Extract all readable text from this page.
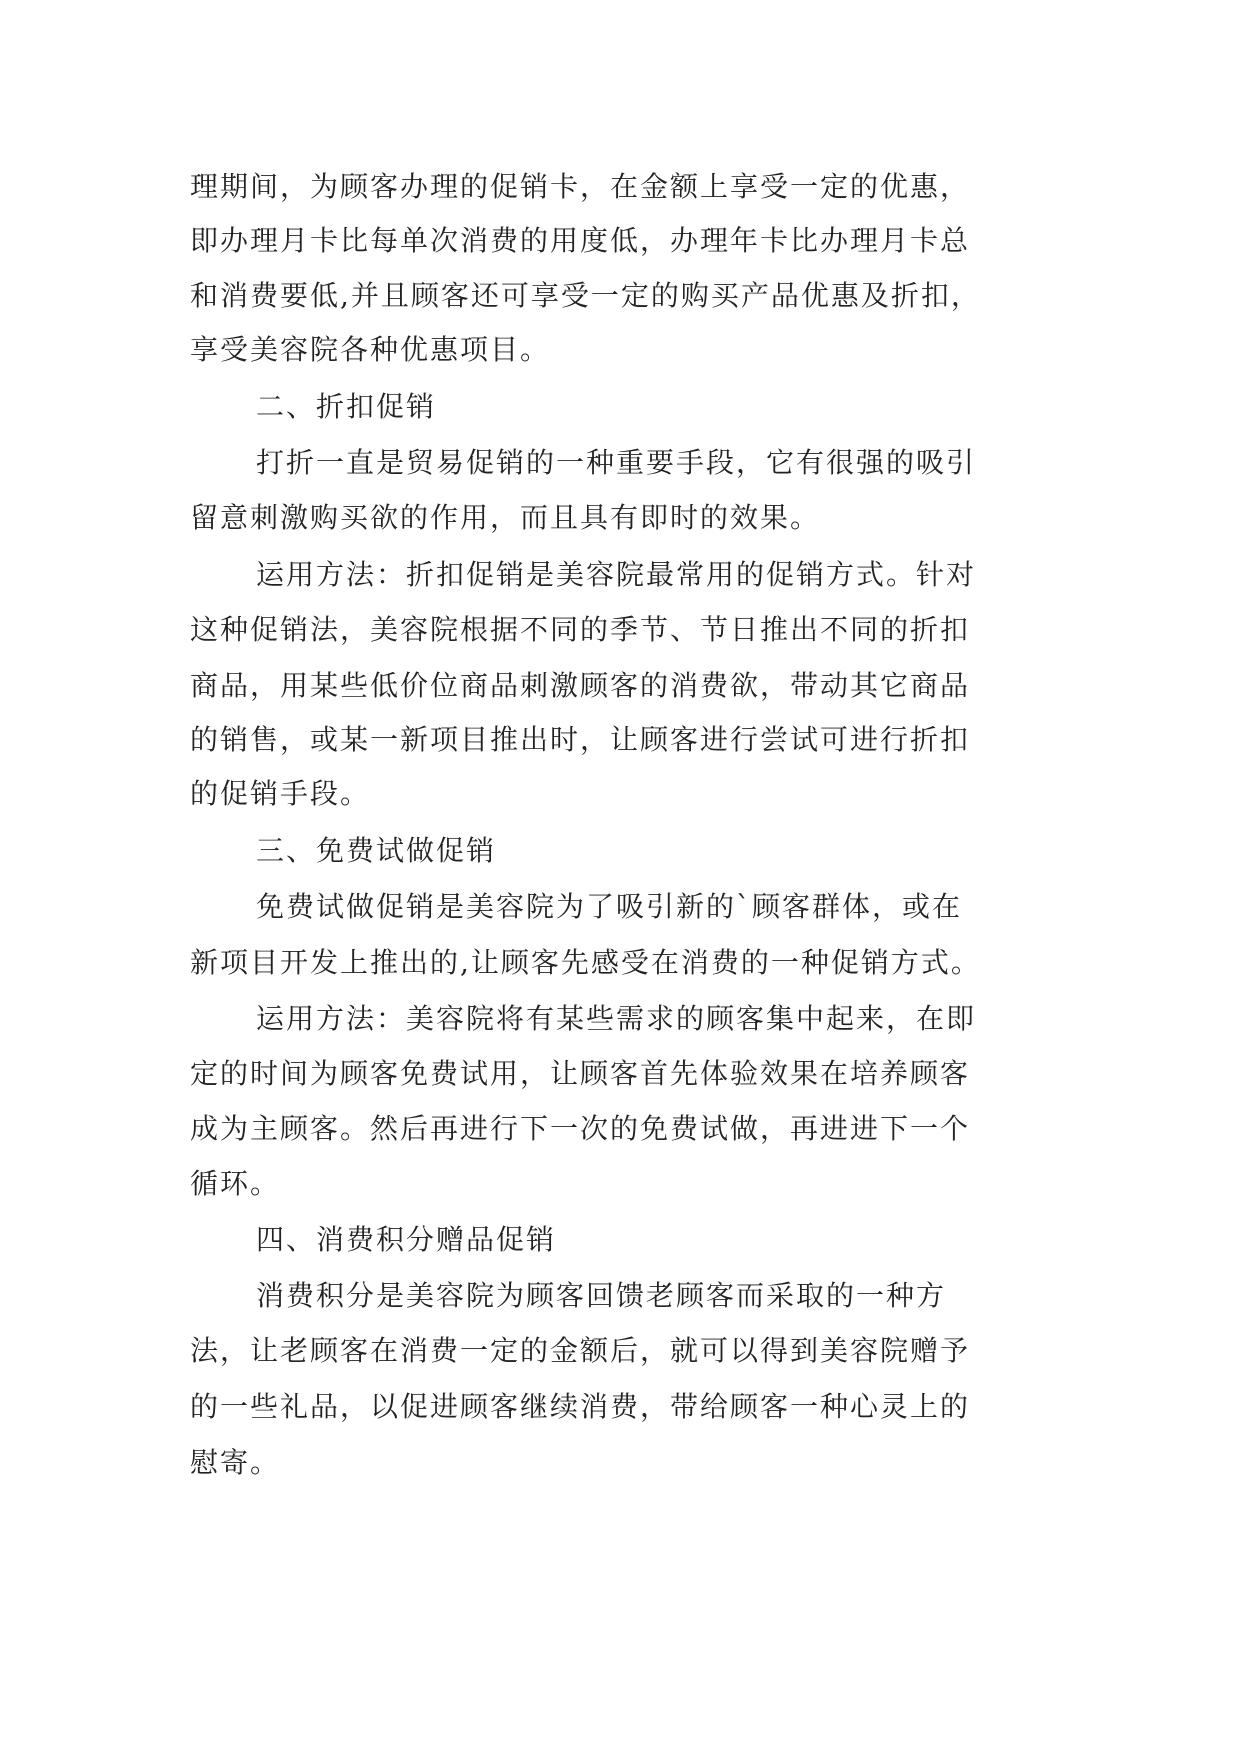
理期间，为顾客办理的促销卡，在金额上享受一定的优惠，
即办理月卡比每单次消费的用度低，办理年卡比办理月卡总
和消费要低,并且顾客还可享受一定的购买产品优惠及折扣，
享受美容院各种优惠项目。
二、折扣促销
打折一直是贸易促销的一种重要手段，它有很强的吸引
留意刺激购买欲的作用，而且具有即时的效果。
运用方法：折扣促销是美容院最常用的促销方式。针对
这种促销法，美容院根据不同的季节、节日推出不同的折扣
商品，用某些低价位商品刺激顾客的消费欲，带动其它商品
的销售，或某一新项目推出时，让顾客进行尝试可进行折扣
的促销手段。
三、免费试做促销
免费试做促销是美容院为了吸引新的`顾客群体，或在
新项目开发上推出的,让顾客先感受在消费的一种促销方式。
运用方法：美容院将有某些需求的顾客集中起来，在即
定的时间为顾客免费试用，让顾客首先体验效果在培养顾客
成为主顾客。然后再进行下一次的免费试做，再进进下一个
循环。
四、消费积分赠品促销
消费积分是美容院为顾客回馈老顾客而采取的一种方
法，让老顾客在消费一定的金额后，就可以得到美容院赠予
的一些礼品，以促进顾客继续消费，带给顾客一种心灵上的
慰寄。
